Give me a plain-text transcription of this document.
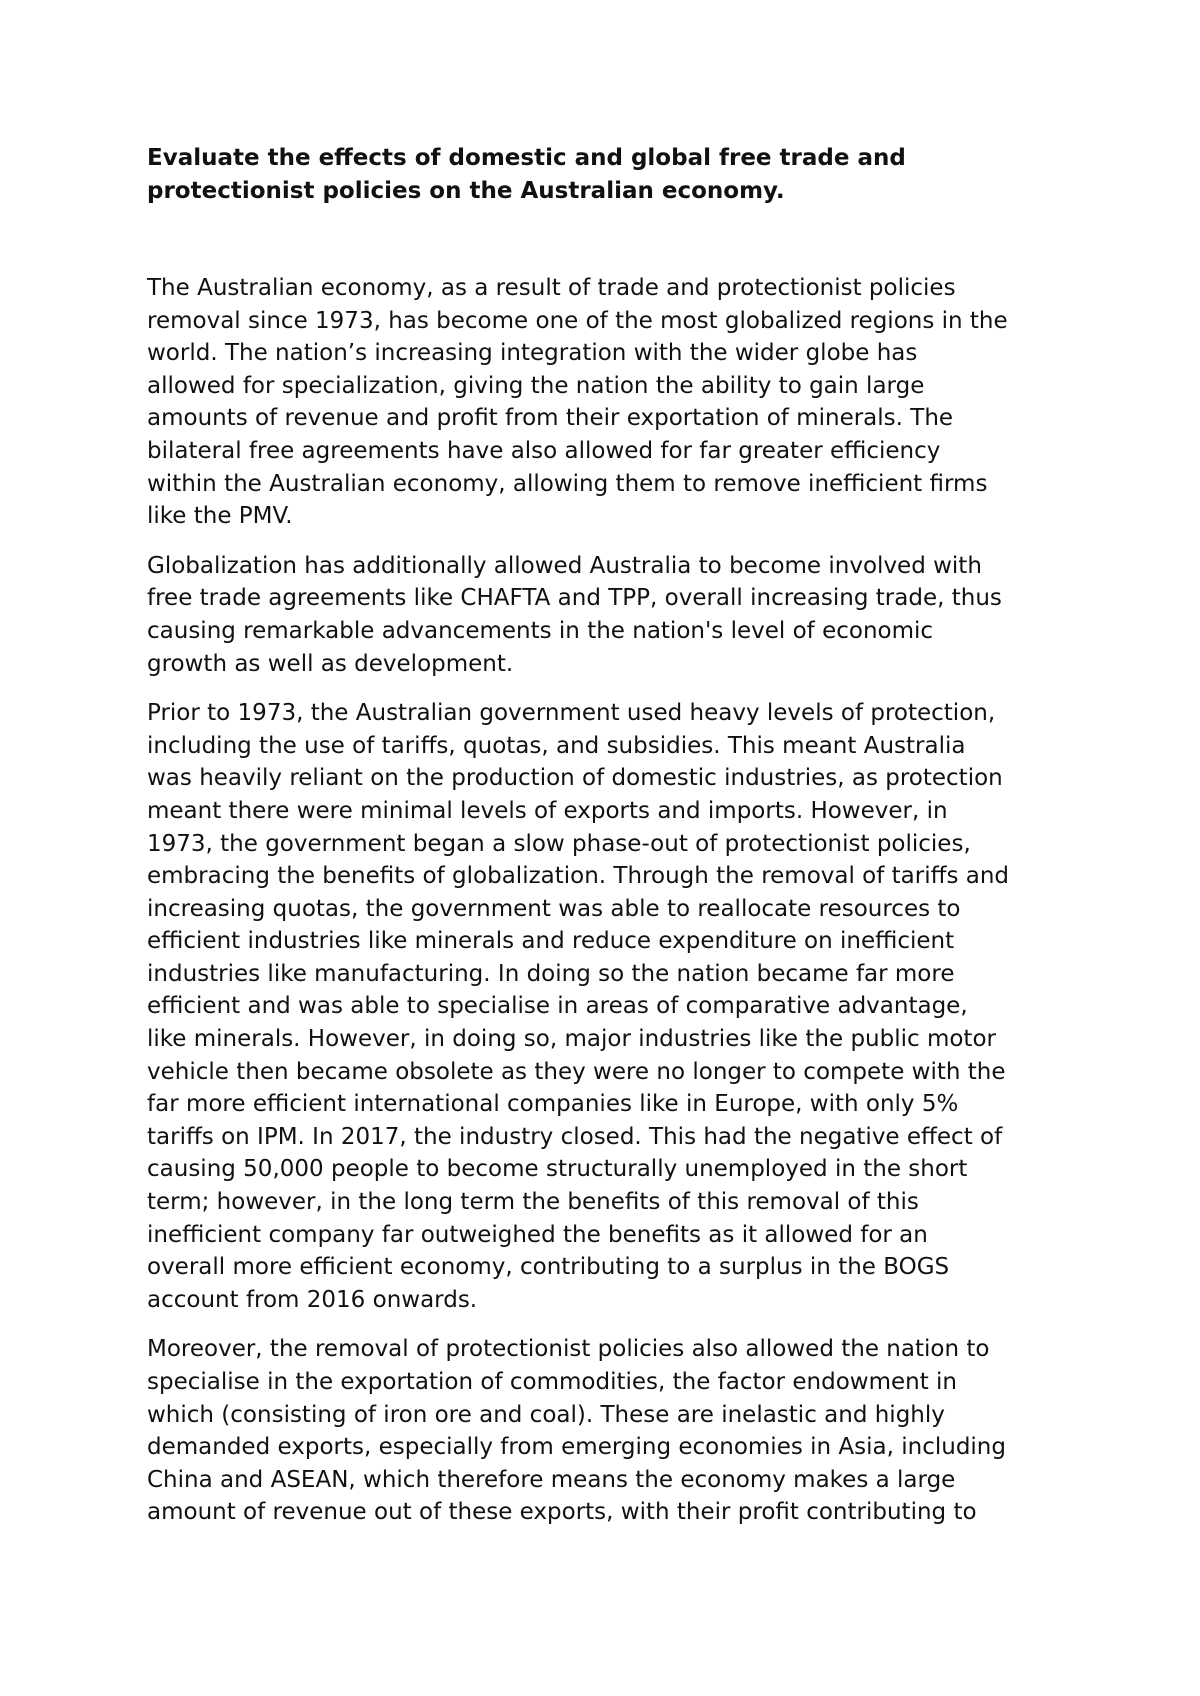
Evaluate the effects of domestic and global free trade and
protectionist policies on the Australian economy.

The Australian economy, as a result of trade and protectionist policies
removal since 1973, has become one of the most globalized regions in the
world. The nation’s increasing integration with the wider globe has
allowed for specialization, giving the nation the ability to gain large
amounts of revenue and profit from their exportation of minerals. The
bilateral free agreements have also allowed for far greater efficiency
within the Australian economy, allowing them to remove inefficient firms
like the PMV.

Globalization has additionally allowed Australia to become involved with
free trade agreements like CHAFTA and TPP, overall increasing trade, thus
causing remarkable advancements in the nation's level of economic
growth as well as development.

Prior to 1973, the Australian government used heavy levels of protection,
including the use of tariffs, quotas, and subsidies. This meant Australia
was heavily reliant on the production of domestic industries, as protection
meant there were minimal levels of exports and imports. However, in
1973, the government began a slow phase-out of protectionist policies,
embracing the benefits of globalization. Through the removal of tariffs and
increasing quotas, the government was able to reallocate resources to
efficient industries like minerals and reduce expenditure on inefficient
industries like manufacturing. In doing so the nation became far more
efficient and was able to specialise in areas of comparative advantage,
like minerals. However, in doing so, major industries like the public motor
vehicle then became obsolete as they were no longer to compete with the
far more efficient international companies like in Europe, with only 5%
tariffs on IPM. In 2017, the industry closed. This had the negative effect of
causing 50,000 people to become structurally unemployed in the short
term; however, in the long term the benefits of this removal of this
inefficient company far outweighed the benefits as it allowed for an
overall more efficient economy, contributing to a surplus in the BOGS
account from 2016 onwards.

Moreover, the removal of protectionist policies also allowed the nation to
specialise in the exportation of commodities, the factor endowment in
which (consisting of iron ore and coal). These are inelastic and highly
demanded exports, especially from emerging economies in Asia, including
China and ASEAN, which therefore means the economy makes a large
amount of revenue out of these exports, with their profit contributing to
